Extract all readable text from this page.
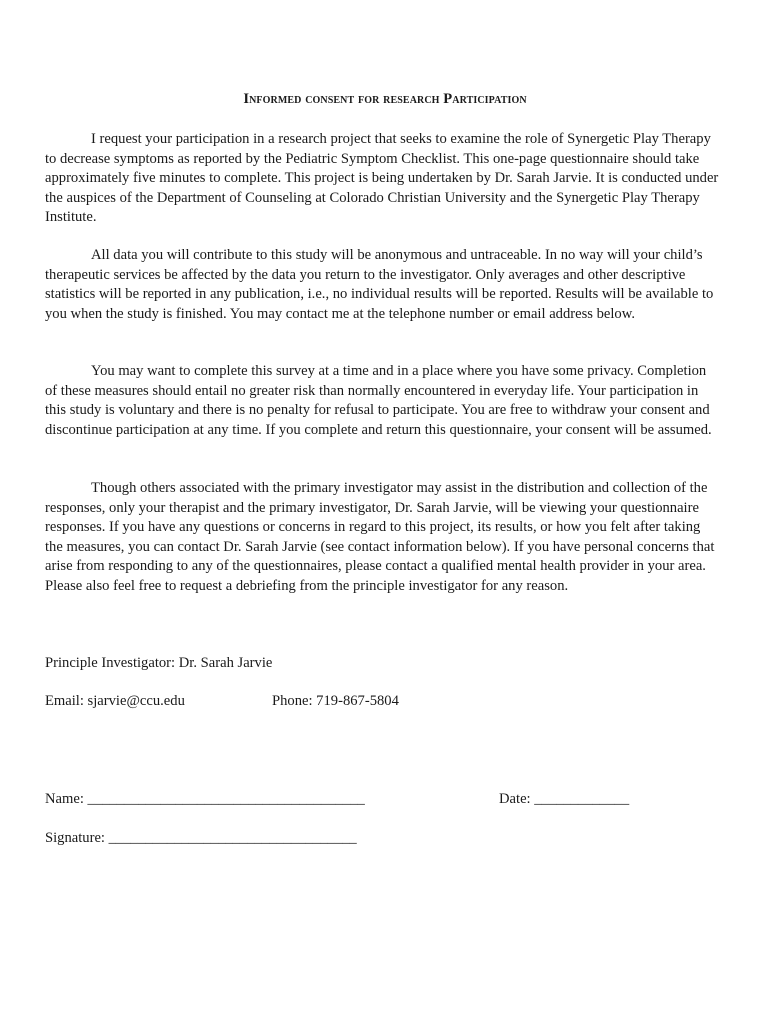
Informed consent for research Participation

I request your participation in a research project that seeks to examine the role of Synergetic Play Therapy to decrease symptoms as reported by the Pediatric Symptom Checklist. This one-page questionnaire should take approximately five minutes to complete. This project is being undertaken by Dr. Sarah Jarvie. It is conducted under the auspices of the Department of Counseling at Colorado Christian University and the Synergetic Play Therapy Institute.

All data you will contribute to this study will be anonymous and untraceable. In no way will your child’s therapeutic services be affected by the data you return to the investigator. Only averages and other descriptive statistics will be reported in any publication, i.e., no individual results will be reported. Results will be available to you when the study is finished. You may contact me at the telephone number or email address below.

You may want to complete this survey at a time and in a place where you have some privacy. Completion of these measures should entail no greater risk than normally encountered in everyday life. Your participation in this study is voluntary and there is no penalty for refusal to participate. You are free to withdraw your consent and discontinue participation at any time. If you complete and return this questionnaire, your consent will be assumed.

Though others associated with the primary investigator may assist in the distribution and collection of the responses, only your therapist and the primary investigator, Dr. Sarah Jarvie, will be viewing your questionnaire responses. If you have any questions or concerns in regard to this project, its results, or how you felt after taking the measures, you can contact Dr. Sarah Jarvie (see contact information below). If you have personal concerns that arise from responding to any of the questionnaires, please contact a qualified mental health provider in your area. Please also feel free to request a debriefing from the principle investigator for any reason.

Principle Investigator: Dr. Sarah Jarvie
Email: sjarvie@ccu.edu	Phone: 719-867-5804
Name: ______________________________________	Date: _____________
Signature: __________________________________
